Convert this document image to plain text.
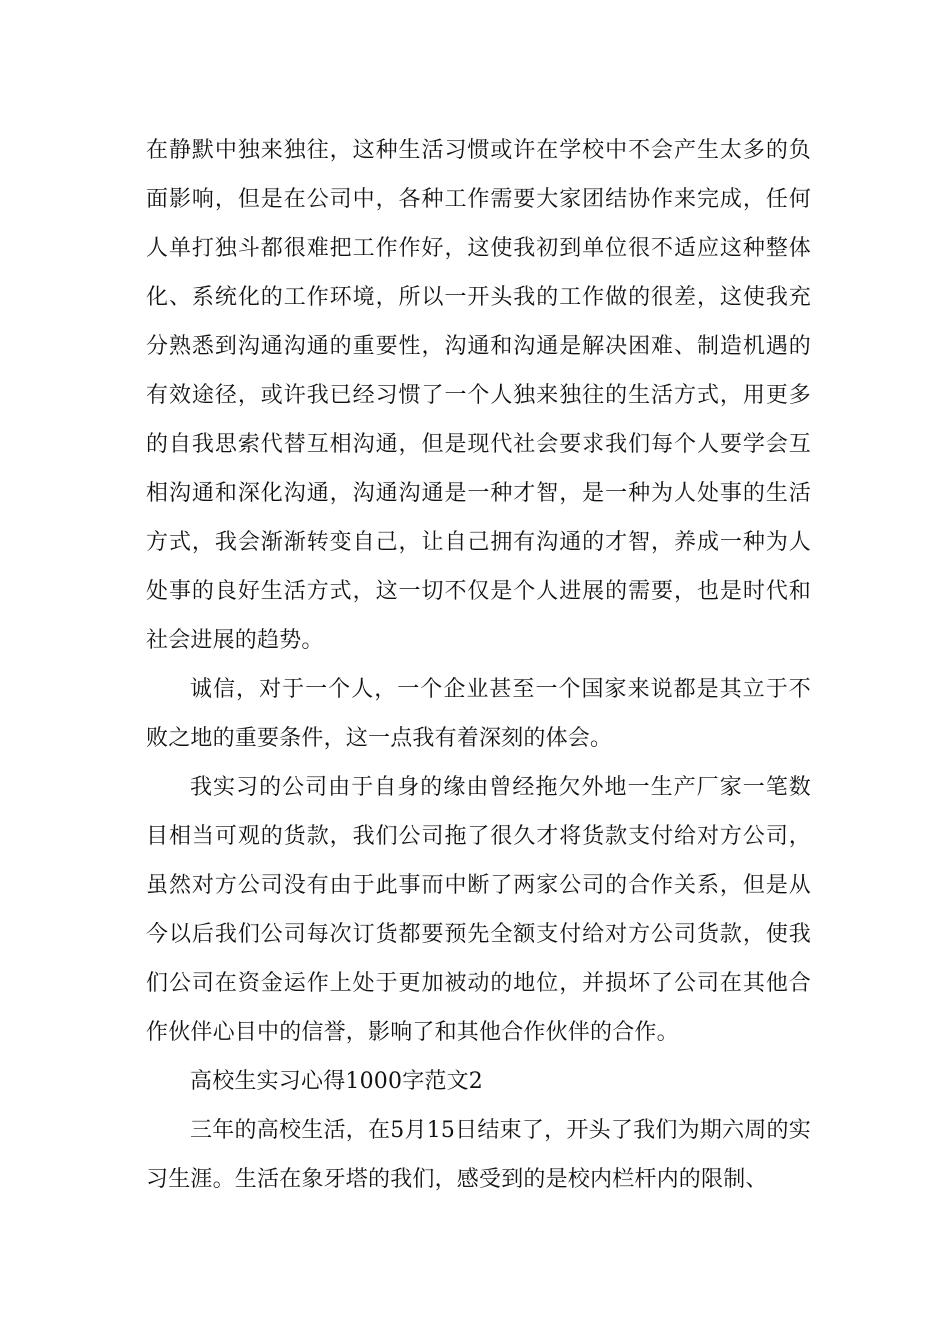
在静默中独来独往，这种生活习惯或许在学校中不会产生太多的负面影响，但是在公司中，各种工作需要大家团结协作来完成，任何人单打独斗都很难把工作作好，这使我初到单位很不适应这种整体化、系统化的工作环境，所以一开头我的工作做的很差，这使我充分熟悉到沟通沟通的重要性，沟通和沟通是解决困难、制造机遇的有效途径，或许我已经习惯了一个人独来独往的生活方式，用更多的自我思索代替互相沟通，但是现代社会要求我们每个人要学会互相沟通和深化沟通，沟通沟通是一种才智，是一种为人处事的生活方式，我会渐渐转变自己，让自己拥有沟通的才智，养成一种为人处事的良好生活方式，这一切不仅是个人进展的需要，也是时代和社会进展的趋势。

诚信，对于一个人，一个企业甚至一个国家来说都是其立于不败之地的重要条件，这一点我有着深刻的体会。

我实习的公司由于自身的缘由曾经拖欠外地一生产厂家一笔数目相当可观的货款，我们公司拖了很久才将货款支付给对方公司，虽然对方公司没有由于此事而中断了两家公司的合作关系，但是从今以后我们公司每次订货都要预先全额支付给对方公司货款，使我们公司在资金运作上处于更加被动的地位，并损坏了公司在其他合作伙伴心目中的信誉，影响了和其他合作伙伴的合作。

高校生实习心得1000字范文2

三年的高校生活，在5月15日结束了，开头了我们为期六周的实习生涯。生活在象牙塔的我们，感受到的是校内栏杆内的限制、
